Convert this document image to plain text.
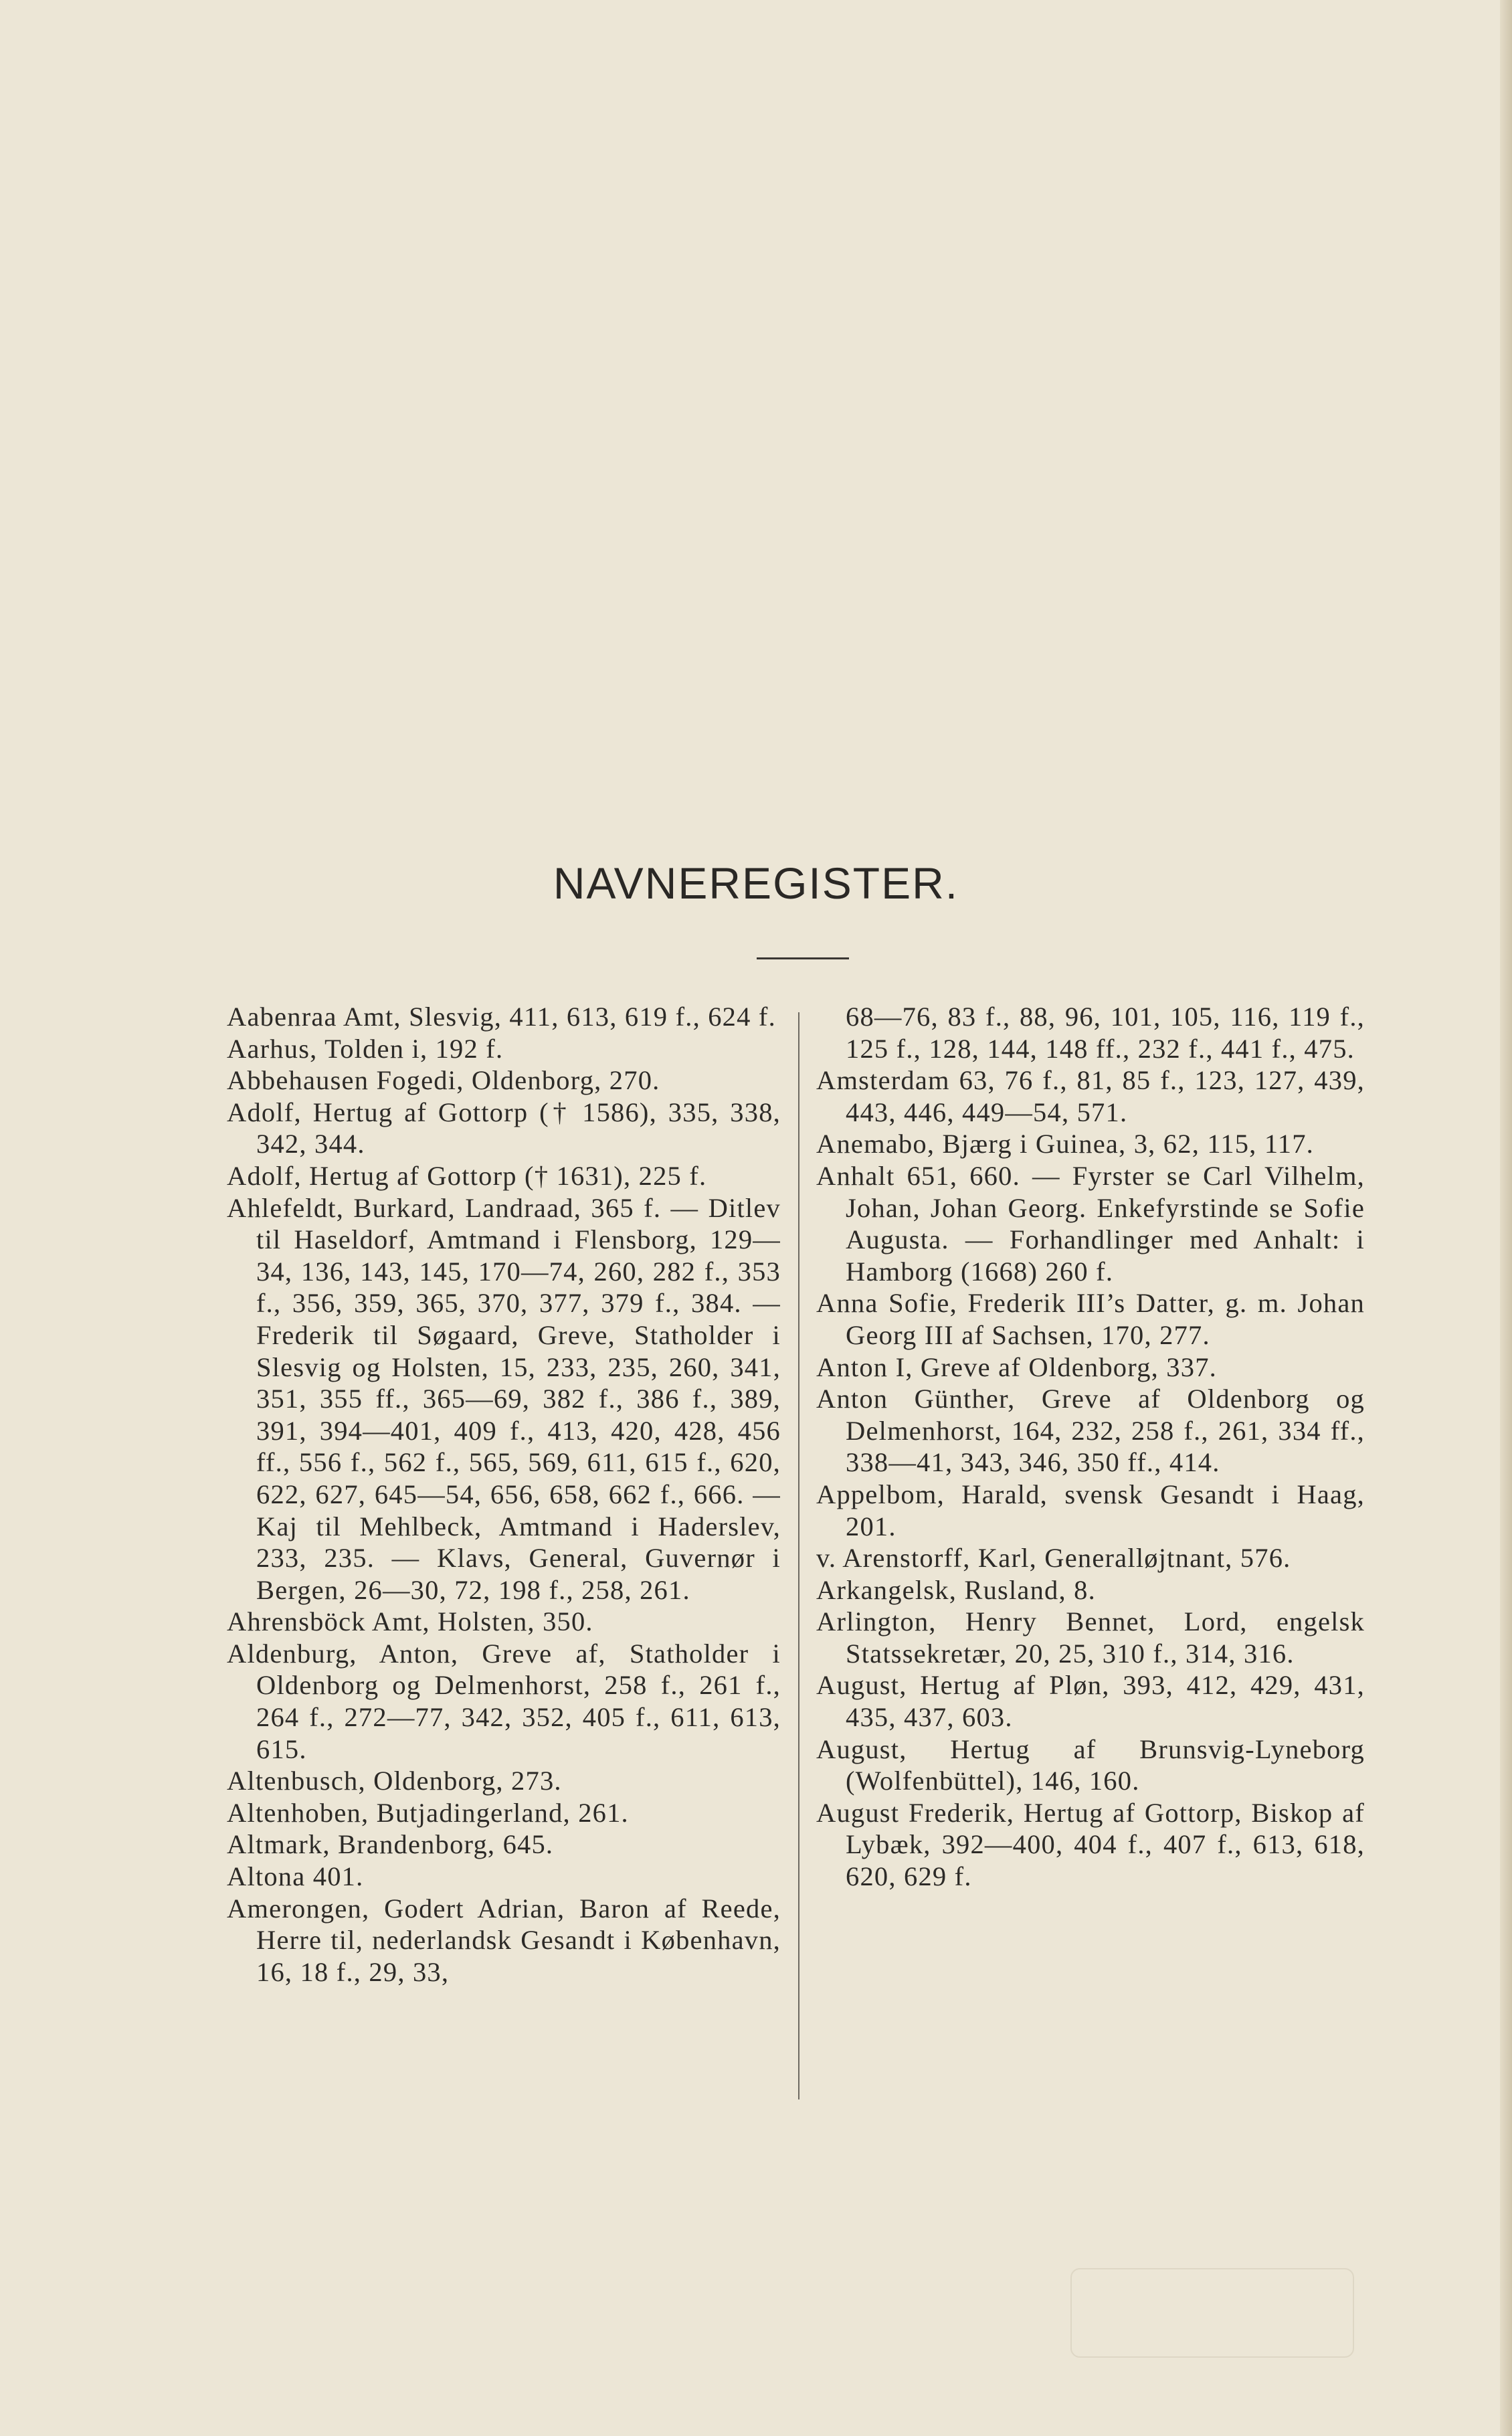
NAVNEREGISTER.

Aabenraa Amt, Slesvig, 411, 613, 619 f., 624 f.

Aarhus, Tolden i, 192 f.

Abbehausen Fogedi, Oldenborg, 270.

Adolf, Hertug af Gottorp († 1586), 335, 338, 342, 344.

Adolf, Hertug af Gottorp († 1631), 225 f.

Ahlefeldt, Burkard, Landraad, 365 f. — Ditlev til Haseldorf, Amtmand i Flensborg, 129—34, 136, 143, 145, 170—74, 260, 282 f., 353 f., 356, 359, 365, 370, 377, 379 f., 384. — Frederik til Søgaard, Greve, Statholder i Slesvig og Holsten, 15, 233, 235, 260, 341, 351, 355 ff., 365—69, 382 f., 386 f., 389, 391, 394—401, 409 f., 413, 420, 428, 456 ff., 556 f., 562 f., 565, 569, 611, 615 f., 620, 622, 627, 645—54, 656, 658, 662 f., 666. — Kaj til Mehlbeck, Amtmand i Haderslev, 233, 235. — Klavs, General, Guvernør i Bergen, 26—30, 72, 198 f., 258, 261.

Ahrensböck Amt, Holsten, 350.

Aldenburg, Anton, Greve af, Statholder i Oldenborg og Delmenhorst, 258 f., 261 f., 264 f., 272—77, 342, 352, 405 f., 611, 613, 615.

Altenbusch, Oldenborg, 273.

Altenhoben, Butjadingerland, 261.

Altmark, Brandenborg, 645.

Altona 401.

Amerongen, Godert Adrian, Baron af Reede, Herre til, nederlandsk Gesandt i København, 16, 18 f., 29, 33,

68—76, 83 f., 88, 96, 101, 105, 116, 119 f., 125 f., 128, 144, 148 ff., 232 f., 441 f., 475.

Amsterdam 63, 76 f., 81, 85 f., 123, 127, 439, 443, 446, 449—54, 571.

Anemabo, Bjærg i Guinea, 3, 62, 115, 117.

Anhalt 651, 660. — Fyrster se Carl Vilhelm, Johan, Johan Georg. Enkefyrstinde se Sofie Augusta. — Forhandlinger med Anhalt: i Hamborg (1668) 260 f.

Anna Sofie, Frederik III’s Datter, g. m. Johan Georg III af Sachsen, 170, 277.

Anton I, Greve af Oldenborg, 337.

Anton Günther, Greve af Oldenborg og Delmenhorst, 164, 232, 258 f., 261, 334 ff., 338—41, 343, 346, 350 ff., 414.

Appelbom, Harald, svensk Gesandt i Haag, 201.

v. Arenstorff, Karl, Generalløjtnant, 576.

Arkangelsk, Rusland, 8.

Arlington, Henry Bennet, Lord, engelsk Statssekretær, 20, 25, 310 f., 314, 316.

August, Hertug af Pløn, 393, 412, 429, 431, 435, 437, 603.

August, Hertug af Brunsvig-Lyneborg (Wolfenbüttel), 146, 160.

August Frederik, Hertug af Gottorp, Biskop af Lybæk, 392—400, 404 f., 407 f., 613, 618, 620, 629 f.
